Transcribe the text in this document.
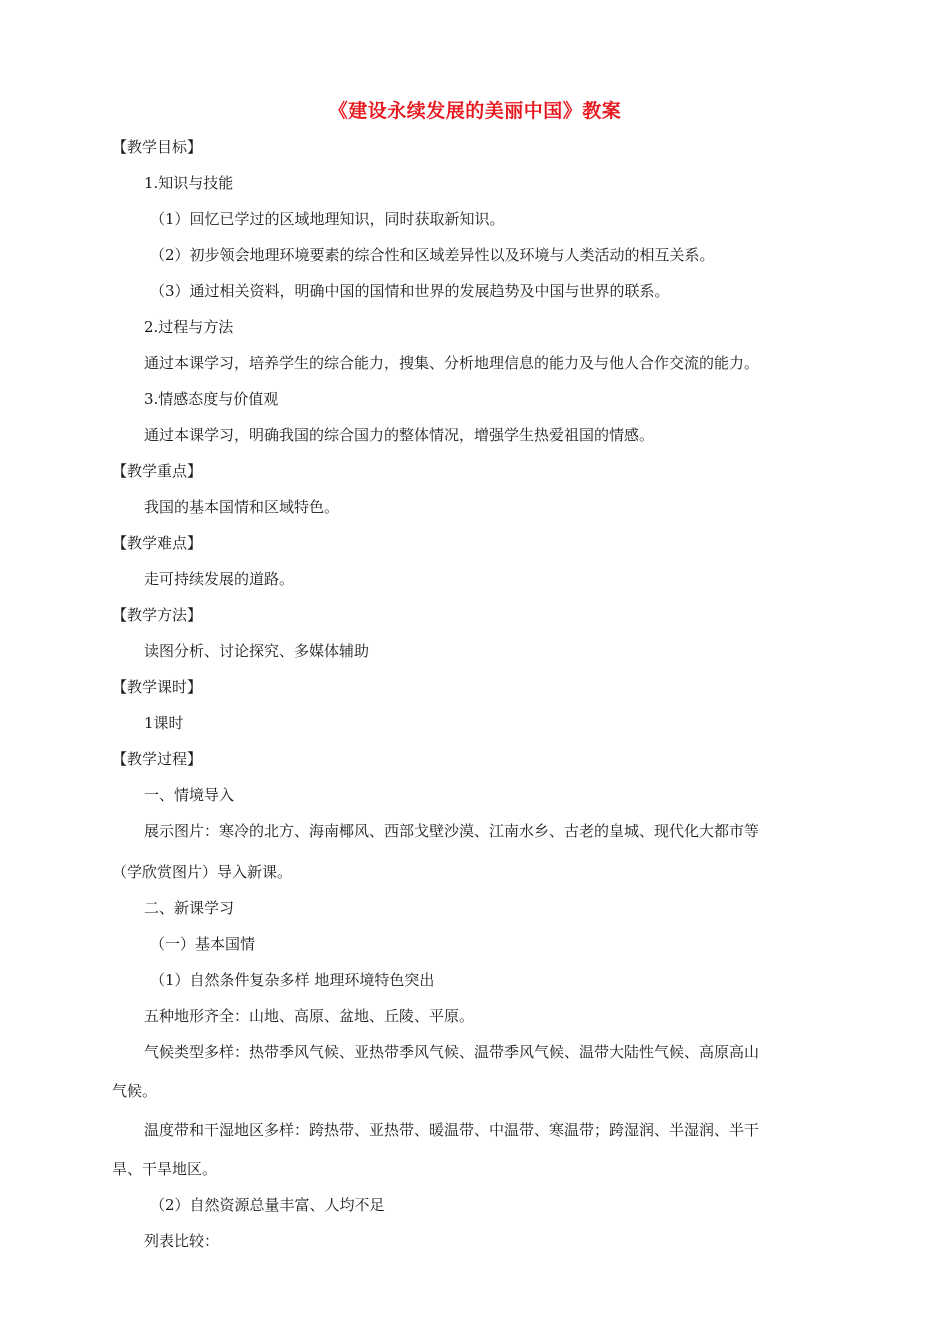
《建设永续发展的美丽中国》教案
【教学目标】
1.知识与技能
（1）回忆已学过的区域地理知识，同时获取新知识。
（2）初步领会地理环境要素的综合性和区域差异性以及环境与人类活动的相互关系。
（3）通过相关资料，明确中国的国情和世界的发展趋势及中国与世界的联系。
2.过程与方法
通过本课学习，培养学生的综合能力，搜集、分析地理信息的能力及与他人合作交流的能力。
3.情感态度与价值观
通过本课学习，明确我国的综合国力的整体情况，增强学生热爱祖国的情感。
【教学重点】
我国的基本国情和区域特色。
【教学难点】
走可持续发展的道路。
【教学方法】
读图分析、讨论探究、多媒体辅助
【教学课时】
1课时
【教学过程】
一、情境导入
展示图片：寒冷的北方、海南椰风、西部戈壁沙漠、江南水乡、古老的皇城、现代化大都市等
（学欣赏图片）导入新课。
二、新课学习
（一）基本国情
（1）自然条件复杂多样 地理环境特色突出
五种地形齐全：山地、高原、盆地、丘陵、平原。
气候类型多样：热带季风气候、亚热带季风气候、温带季风气候、温带大陆性气候、高原高山
气候。
温度带和干湿地区多样：跨热带、亚热带、暖温带、中温带、寒温带；跨湿润、半湿润、半干
旱、干旱地区。
（2）自然资源总量丰富、人均不足
列表比较：
